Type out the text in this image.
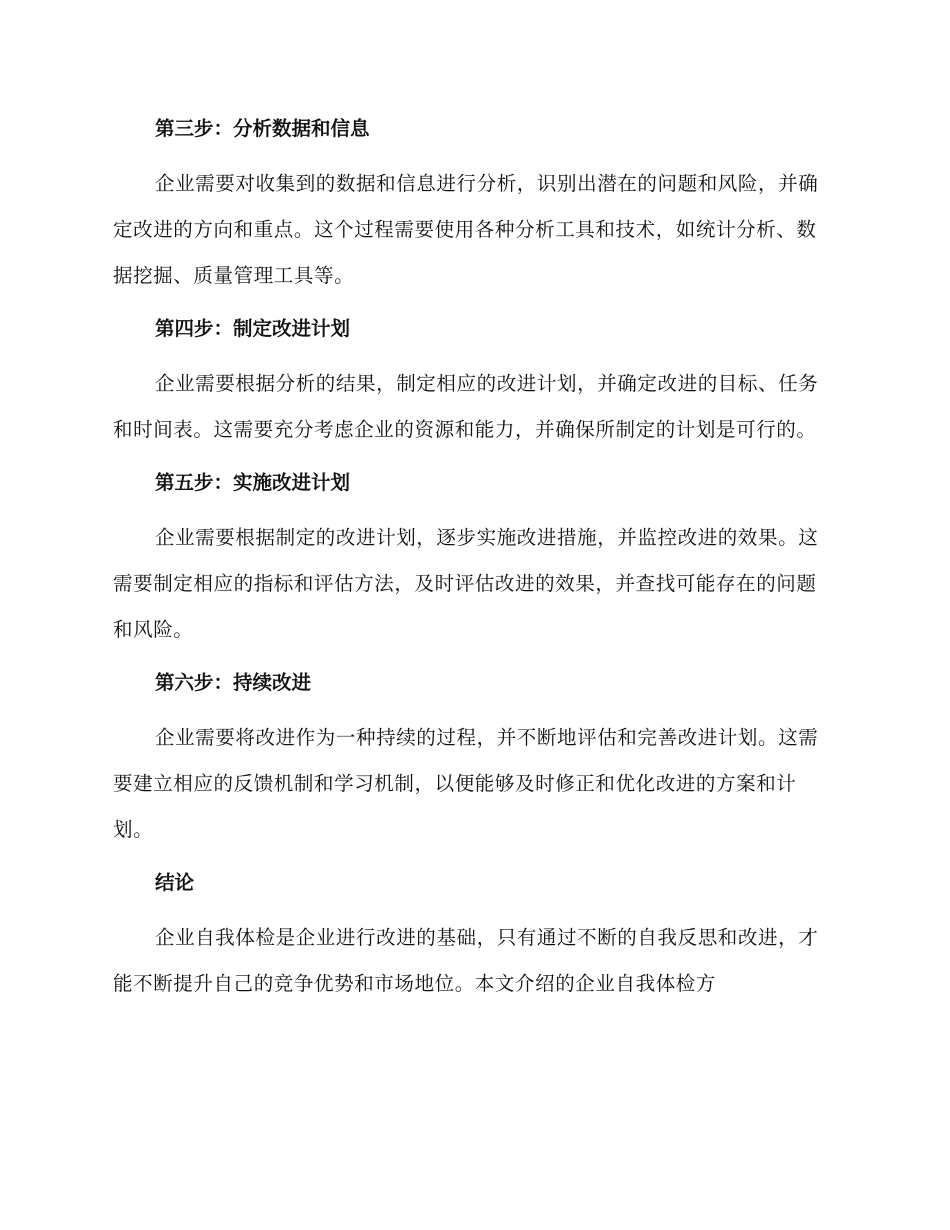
第三步：分析数据和信息

企业需要对收集到的数据和信息进行分析，识别出潜在的问题和风险，并确定改进的方向和重点。这个过程需要使用各种分析工具和技术，如统计分析、数据挖掘、质量管理工具等。

第四步：制定改进计划

企业需要根据分析的结果，制定相应的改进计划，并确定改进的目标、任务和时间表。这需要充分考虑企业的资源和能力，并确保所制定的计划是可行的。

第五步：实施改进计划

企业需要根据制定的改进计划，逐步实施改进措施，并监控改进的效果。这需要制定相应的指标和评估方法，及时评估改进的效果，并查找可能存在的问题和风险。

第六步：持续改进

企业需要将改进作为一种持续的过程，并不断地评估和完善改进计划。这需要建立相应的反馈机制和学习机制，以便能够及时修正和优化改进的方案和计划。

结论

企业自我体检是企业进行改进的基础，只有通过不断的自我反思和改进，才能不断提升自己的竞争优势和市场地位。本文介绍的企业自我体检方
